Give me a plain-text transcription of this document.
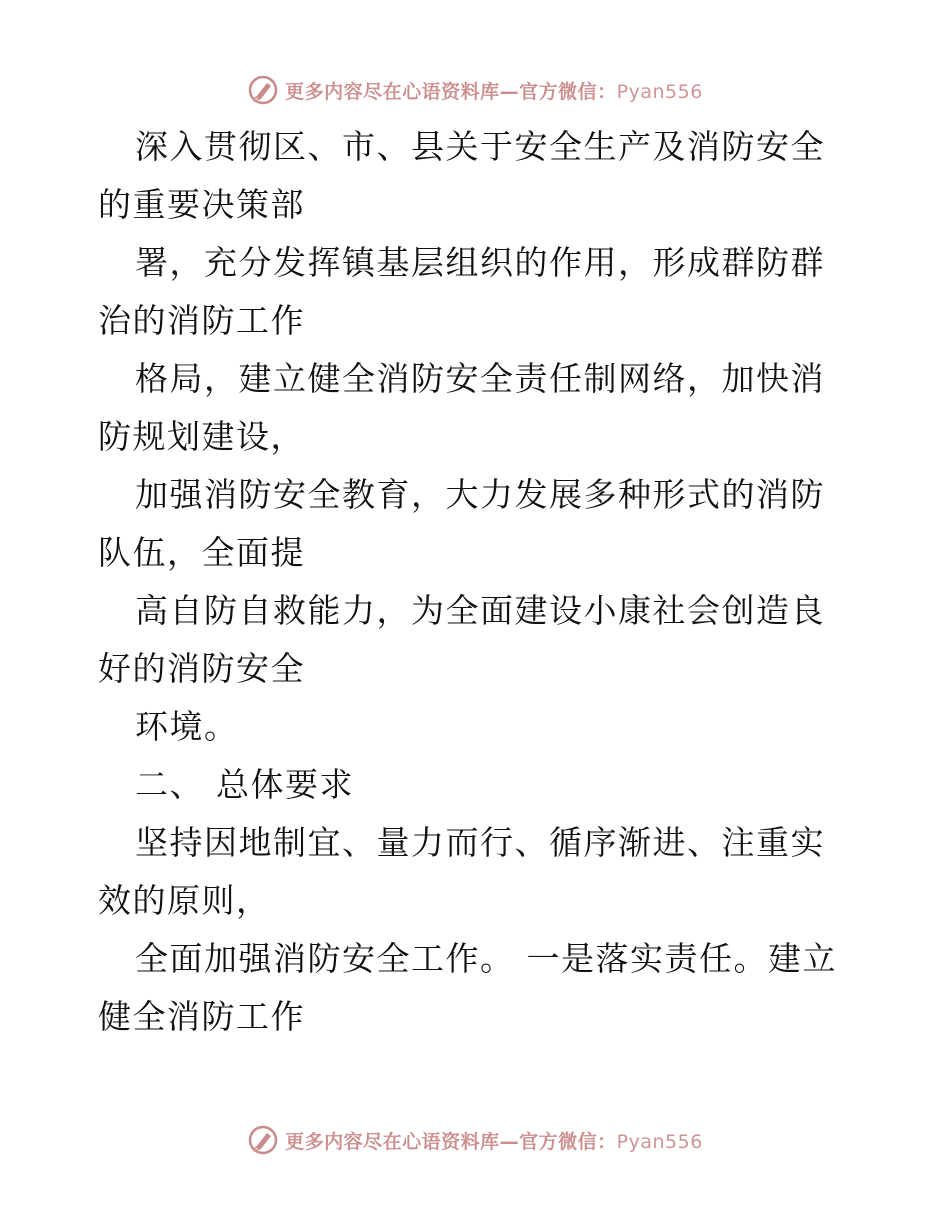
更多内容尽在心语资料库—官方微信：Pyan556

深入贯彻区、市、县关于安全生产及消防安全的重要决策部

署，充分发挥镇基层组织的作用，形成群防群治的消防工作

格局，建立健全消防安全责任制网络，加快消防规划建设，

加强消防安全教育，大力发展多种形式的消防队伍，全面提

高自防自救能力，为全面建设小康社会创造良好的消防安全

环境。

二、 总体要求

坚持因地制宜、量力而行、循序渐进、注重实效的原则，

全面加强消防安全工作。 一是落实责任。建立健全消防工作

更多内容尽在心语资料库—官方微信：Pyan556
